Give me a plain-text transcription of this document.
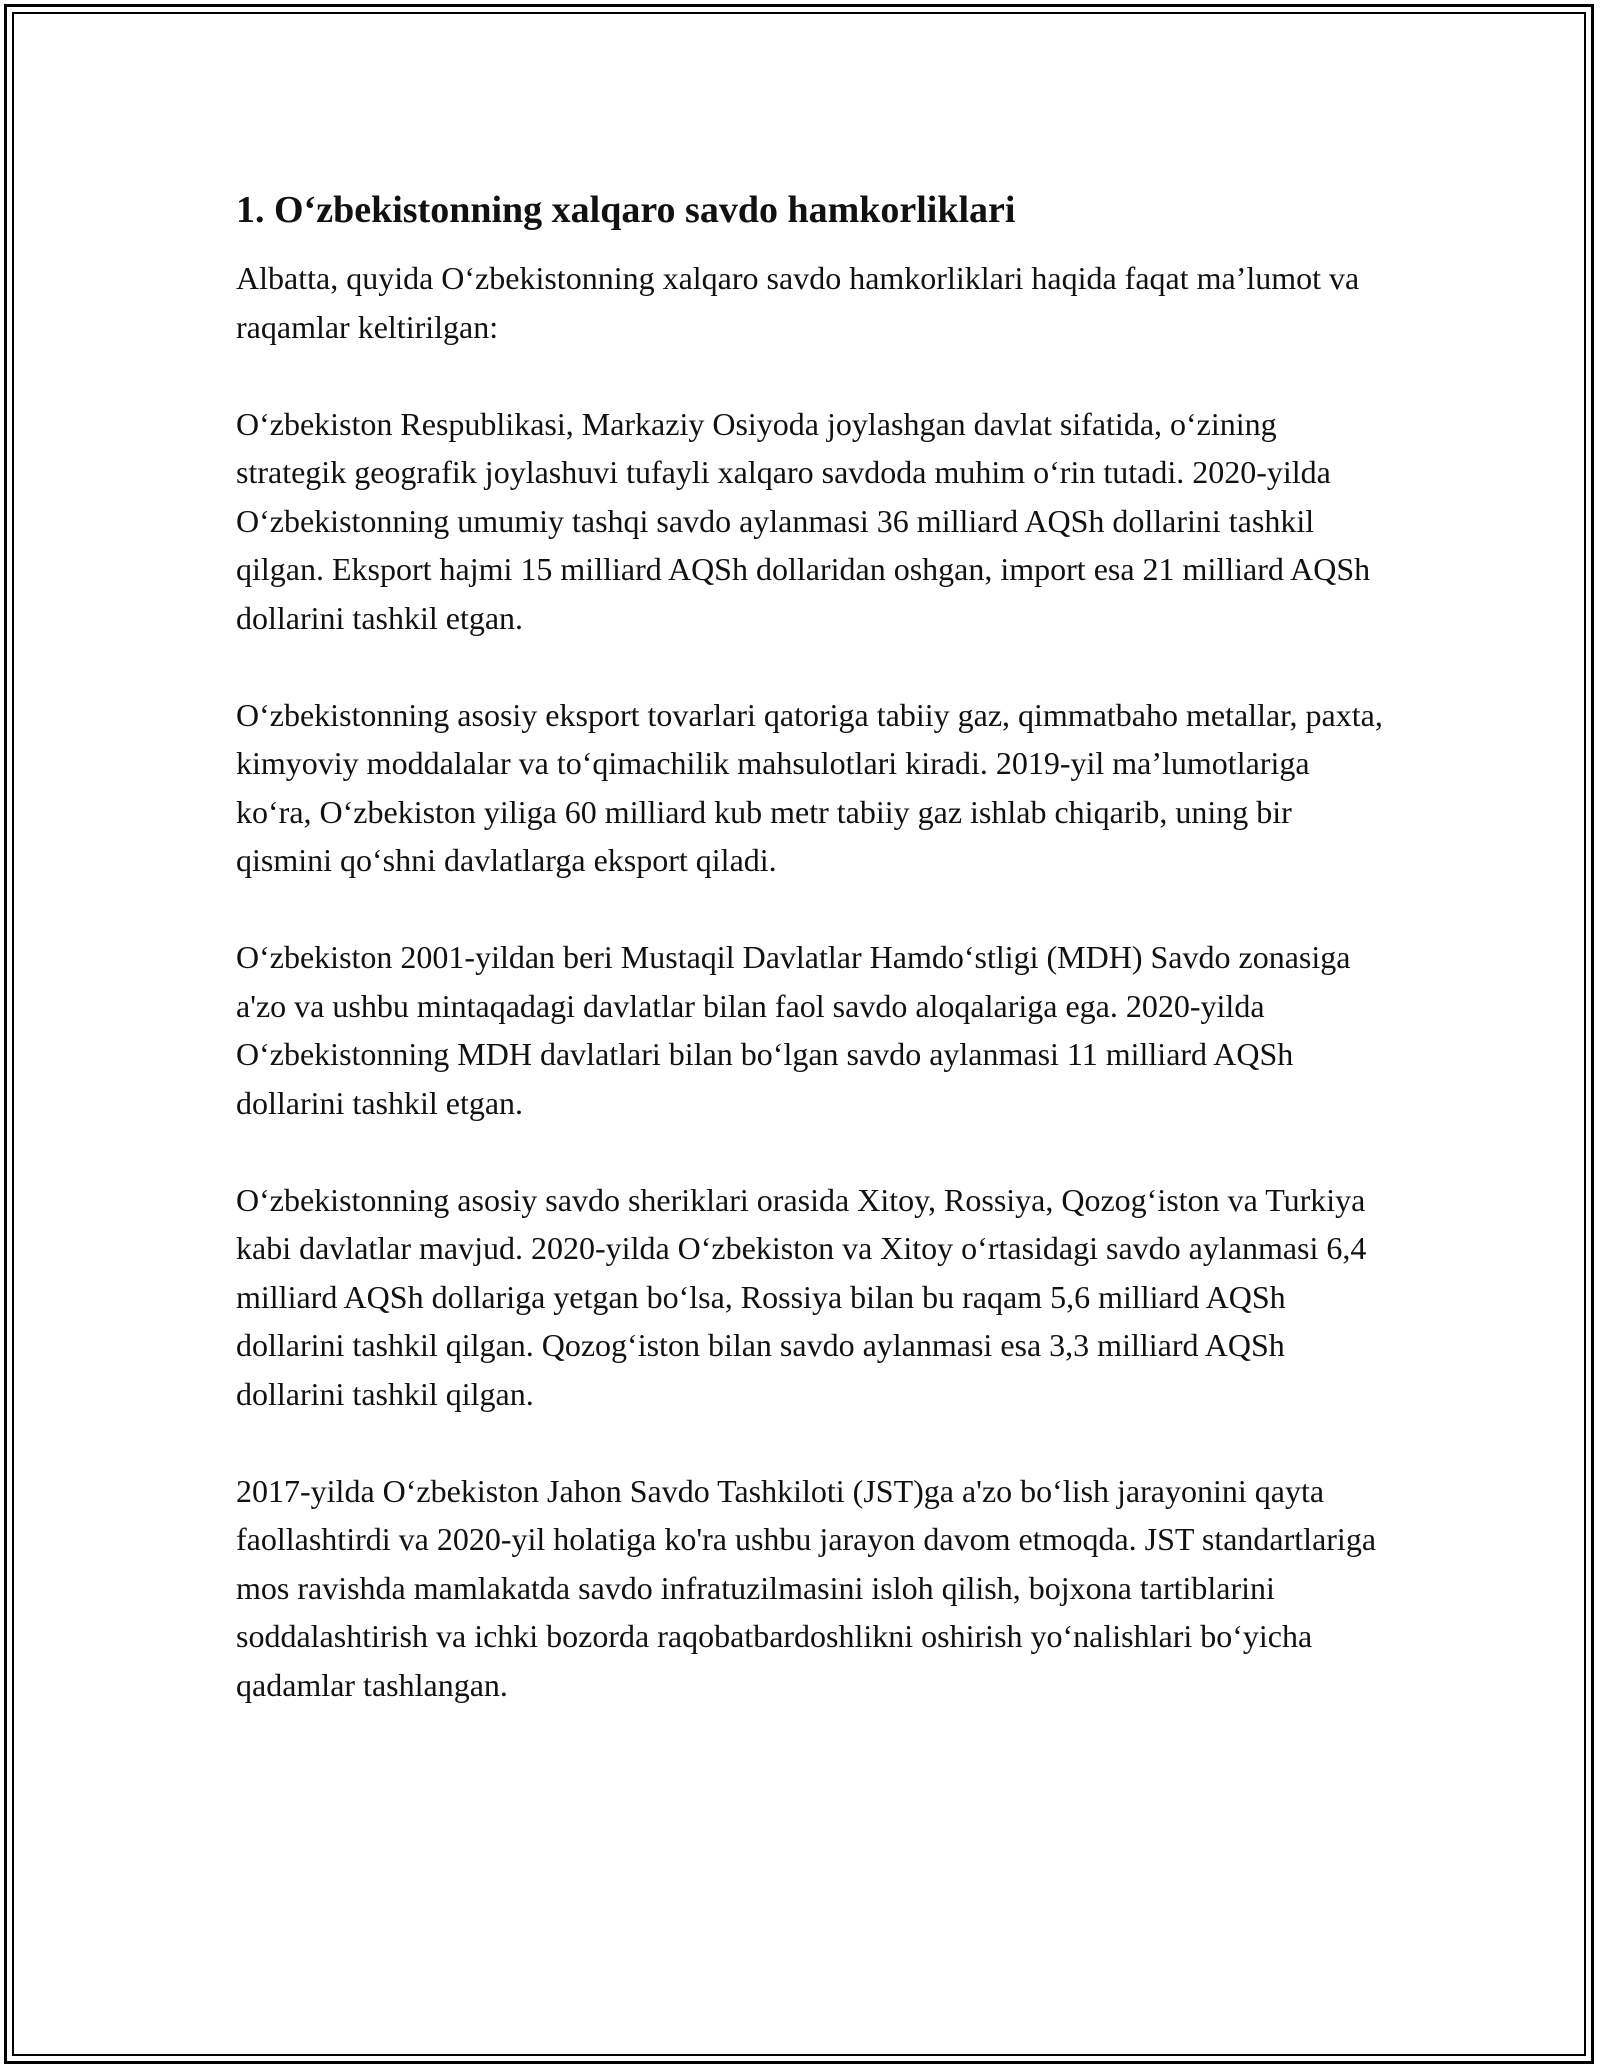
1. O‘zbekistonning xalqaro savdo hamkorliklari

Albatta, quyida O‘zbekistonning xalqaro savdo hamkorliklari haqida faqat ma’lumot va raqamlar keltirilgan:

O‘zbekiston Respublikasi, Markaziy Osiyoda joylashgan davlat sifatida, o‘zining strategik geografik joylashuvi tufayli xalqaro savdoda muhim o‘rin tutadi. 2020-yilda O‘zbekistonning umumiy tashqi savdo aylanmasi 36 milliard AQSh dollarini tashkil qilgan. Eksport hajmi 15 milliard AQSh dollaridan oshgan, import esa 21 milliard AQSh dollarini tashkil etgan.

O‘zbekistonning asosiy eksport tovarlari qatoriga tabiiy gaz, qimmatbaho metallar, paxta, kimyoviy moddalalar va to‘qimachilik mahsulotlari kiradi. 2019-yil ma’lumotlariga ko‘ra, O‘zbekiston yiliga 60 milliard kub metr tabiiy gaz ishlab chiqarib, uning bir qismini qo‘shni davlatlarga eksport qiladi.

O‘zbekiston 2001-yildan beri Mustaqil Davlatlar Hamdo‘stligi (MDH) Savdo zonasiga a'zo va ushbu mintaqadagi davlatlar bilan faol savdo aloqalariga ega. 2020-yilda O‘zbekistonning MDH davlatlari bilan bo‘lgan savdo aylanmasi 11 milliard AQSh dollarini tashkil etgan.

O‘zbekistonning asosiy savdo sheriklari orasida Xitoy, Rossiya, Qozog‘iston va Turkiya kabi davlatlar mavjud. 2020-yilda O‘zbekiston va Xitoy o‘rtasidagi savdo aylanmasi 6,4 milliard AQSh dollariga yetgan bo‘lsa, Rossiya bilan bu raqam 5,6 milliard AQSh dollarini tashkil qilgan. Qozog‘iston bilan savdo aylanmasi esa 3,3 milliard AQSh dollarini tashkil qilgan.

2017-yilda O‘zbekiston Jahon Savdo Tashkiloti (JST)ga a'zo bo‘lish jarayonini qayta faollashtirdi va 2020-yil holatiga ko'ra ushbu jarayon davom etmoqda. JST standartlariga mos ravishda mamlakatda savdo infratuzilmasini isloh qilish, bojxona tartiblarini soddalashtirish va ichki bozorda raqobatbardoshlikni oshirish yo‘nalishlari bo‘yicha qadamlar tashlangan.
